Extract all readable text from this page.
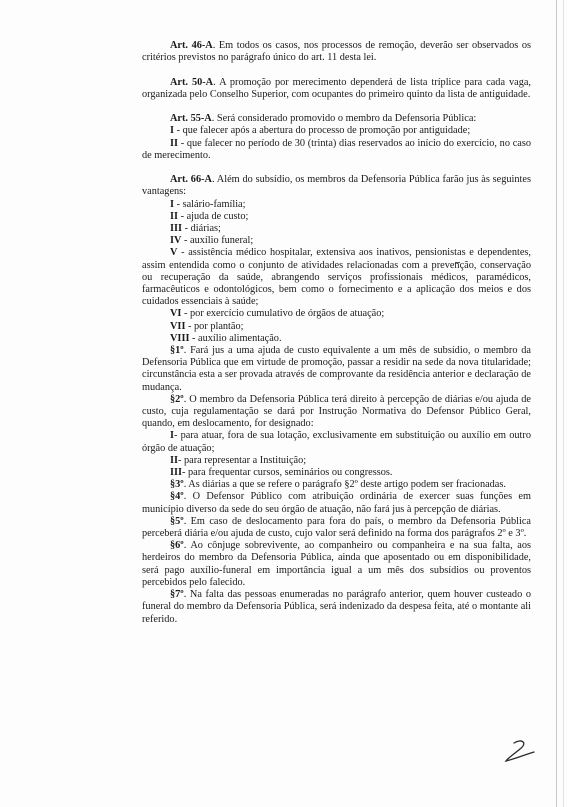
Art. 46-A. Em todos os casos, nos processos de remoção, deverão ser observados os critérios previstos no parágrafo único do art. 11 desta lei.

Art. 50-A. A promoção por merecimento dependerá de lista tríplice para cada vaga, organizada pelo Conselho Superior, com ocupantes do primeiro quinto da lista de antiguidade.

Art. 55-A. Será considerado promovido o membro da Defensoria Pública:

I - que falecer após a abertura do processo de promoção por antiguidade;

II - que falecer no período de 30 (trinta) dias reservados ao início do exercício, no caso de merecimento.

Art. 66-A. Além do subsídio, os membros da Defensoria Pública farão jus às seguintes vantagens:

I - salário-família;

II - ajuda de custo;

III - diárias;

IV - auxílio funeral;

V - assistência médico hospitalar, extensiva aos inativos, pensionistas e dependentes, assim entendida como o conjunto de atividades relacionadas com a prevenção, conservação ou recuperação da saúde, abrangendo serviços profissionais médicos, paramédicos, farmacêuticos e odontológicos, bem como o fornecimento e a aplicação dos meios e dos cuidados essenciais à saúde;

VI - por exercício cumulativo de órgãos de atuação;

VII - por plantão;

VIII - auxílio alimentação.

§1º. Fará jus a uma ajuda de custo equivalente a um mês de subsídio, o membro da Defensoria Pública que em virtude de promoção, passar a residir na sede da nova titularidade; circunstância esta a ser provada através de comprovante da residência anterior e declaração de mudança.

§2º. O membro da Defensoria Pública terá direito à percepção de diárias e/ou ajuda de custo, cuja regulamentação se dará por Instrução Normativa do Defensor Público Geral, quando, em deslocamento, for designado:

I- para atuar, fora de sua lotação, exclusivamente em substituição ou auxílio em outro órgão de atuação;

II- para representar a Instituição;

III- para frequentar cursos, seminários ou congressos.

§3º. As diárias a que se refere o parágrafo §2º deste artigo podem ser fracionadas.

§4º. O Defensor Público com atribuição ordinária de exercer suas funções em município diverso da sede do seu órgão de atuação, não fará jus à percepção de diárias.

§5º. Em caso de deslocamento para fora do país, o membro da Defensoria Pública perceberá diária e/ou ajuda de custo, cujo valor será definido na forma dos parágrafos 2º e 3º.

§6º. Ao cônjuge sobrevivente, ao companheiro ou companheira e na sua falta, aos herdeiros do membro da Defensoria Pública, ainda que aposentado ou em disponibilidade, será pago auxílio-funeral em importância igual a um mês dos subsídios ou proventos percebidos pelo falecido.

§7º. Na falta das pessoas enumeradas no parágrafo anterior, quem houver custeado o funeral do membro da Defensoria Pública, será indenizado da despesa feita, até o montante ali referido.
